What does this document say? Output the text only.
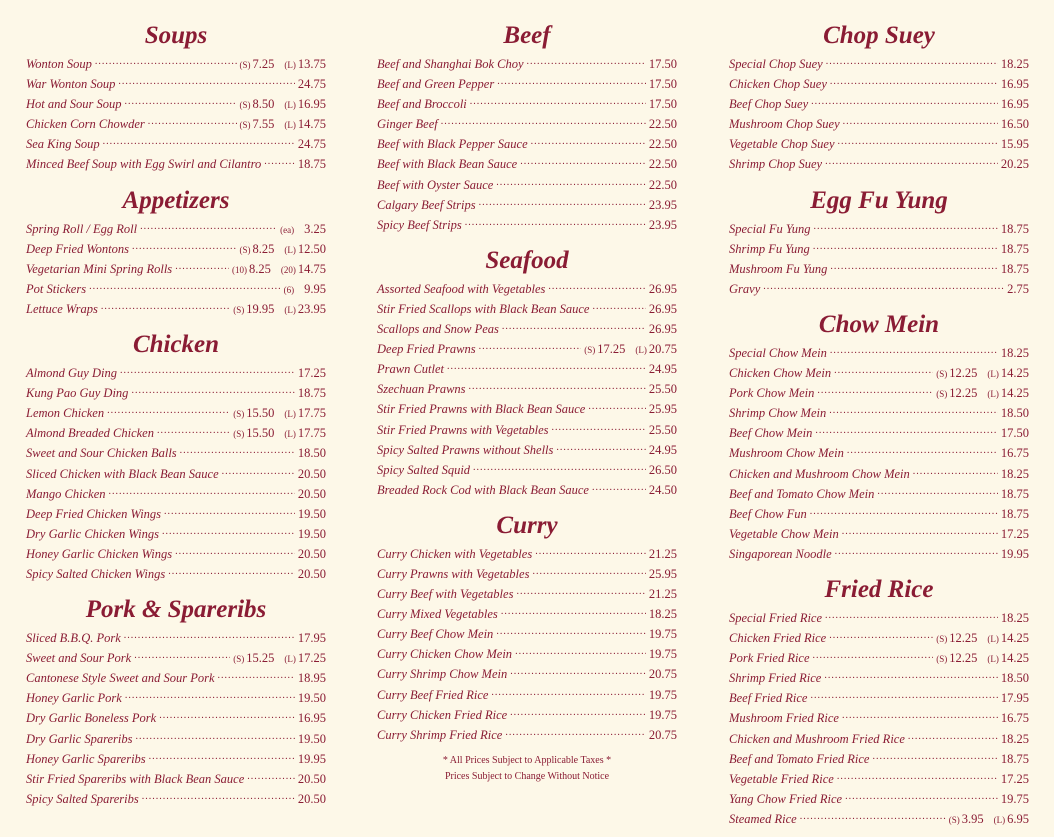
Soups
Wonton Soup .....	(S) 7.25 (L) 13.75
War Wonton Soup .....	24.75
Hot and Sour Soup .....	(S) 8.50 (L) 16.95
Chicken Corn Chowder .....	(S) 7.55 (L) 14.75
Sea King Soup .....	24.75
Minced Beef Soup with Egg Swirl and Cilantro .....	18.75
Appetizers
Spring Roll / Egg Roll .....	(ea) 3.25
Deep Fried Wontons .....	(S) 8.25 (L) 12.50
Vegetarian Mini Spring Rolls .....	(10) 8.25 (20) 14.75
Pot Stickers .....	(6) 9.95
Lettuce Wraps .....	(S) 19.95 (L) 23.95
Chicken
Almond Guy Ding .....	17.25
Kung Pao Guy Ding .....	18.75
Lemon Chicken .....	(S) 15.50 (L) 17.75
Almond Breaded Chicken .....	(S) 15.50 (L) 17.75
Sweet and Sour Chicken Balls .....	18.50
Sliced Chicken with Black Bean Sauce .....	20.50
Mango Chicken .....	20.50
Deep Fried Chicken Wings .....	19.50
Dry Garlic Chicken Wings .....	19.50
Honey Garlic Chicken Wings .....	20.50
Spicy Salted Chicken Wings .....	20.50
Pork & Spareribs
Sliced B.B.Q. Pork .....	17.95
Sweet and Sour Pork .....	(S) 15.25 (L) 17.25
Cantonese Style Sweet and Sour Pork .....	18.95
Honey Garlic Pork .....	19.50
Dry Garlic Boneless Pork .....	16.95
Dry Garlic Spareribs .....	19.50
Honey Garlic Spareribs .....	19.95
Stir Fried Spareribs with Black Bean Sauce .....	20.50
Spicy Salted Spareribs .....	20.50
Beef
Beef and Shanghai Bok Choy .....	17.50
Beef and Green Pepper .....	17.50
Beef and Broccoli .....	17.50
Ginger Beef .....	22.50
Beef with Black Pepper Sauce .....	22.50
Beef with Black Bean Sauce .....	22.50
Beef with Oyster Sauce .....	22.50
Calgary Beef Strips .....	23.95
Spicy Beef Strips .....	23.95
Seafood
Assorted Seafood with Vegetables .....	26.95
Stir Fried Scallops with Black Bean Sauce .....	26.95
Scallops and Snow Peas .....	26.95
Deep Fried Prawns .....	(S) 17.25 (L) 20.75
Prawn Cutlet .....	24.95
Szechuan Prawns .....	25.50
Stir Fried Prawns with Black Bean Sauce .....	25.95
Stir Fried Prawns with Vegetables .....	25.50
Spicy Salted Prawns without Shells .....	24.95
Spicy Salted Squid .....	26.50
Breaded Rock Cod with Black Bean Sauce .....	24.50
Curry
Curry Chicken with Vegetables .....	21.25
Curry Prawns with Vegetables .....	25.95
Curry Beef with Vegetables .....	21.25
Curry Mixed Vegetables .....	18.25
Curry Beef Chow Mein .....	19.75
Curry Chicken Chow Mein .....	19.75
Curry Shrimp Chow Mein .....	20.75
Curry Beef Fried Rice .....	19.75
Curry Chicken Fried Rice .....	19.75
Curry Shrimp Fried Rice .....	20.75
* All Prices Subject to Applicable Taxes *
Prices Subject to Change Without Notice
Chop Suey
Special Chop Suey .....	18.25
Chicken Chop Suey .....	16.95
Beef Chop Suey .....	16.95
Mushroom Chop Suey .....	16.50
Vegetable Chop Suey .....	15.95
Shrimp Chop Suey .....	20.25
Egg Fu Yung
Special Fu Yung .....	18.75
Shrimp Fu Yung .....	18.75
Mushroom Fu Yung .....	18.75
Gravy .....	2.75
Chow Mein
Special Chow Mein .....	18.25
Chicken Chow Mein .....	(S) 12.25 (L) 14.25
Pork Chow Mein .....	(S) 12.25 (L) 14.25
Shrimp Chow Mein .....	18.50
Beef Chow Mein .....	17.50
Mushroom Chow Mein .....	16.75
Chicken and Mushroom Chow Mein .....	18.25
Beef and Tomato Chow Mein .....	18.75
Beef Chow Fun .....	18.75
Vegetable Chow Mein .....	17.25
Singaporean Noodle .....	19.95
Fried Rice
Special Fried Rice .....	18.25
Chicken Fried Rice .....	(S) 12.25 (L) 14.25
Pork Fried Rice .....	(S) 12.25 (L) 14.25
Shrimp Fried Rice .....	18.50
Beef Fried Rice .....	17.95
Mushroom Fried Rice .....	16.75
Chicken and Mushroom Fried Rice .....	18.25
Beef and Tomato Fried Rice .....	18.75
Vegetable Fried Rice .....	17.25
Yang Chow Fried Rice .....	19.75
Steamed Rice .....	(S) 3.95 (L) 6.95
